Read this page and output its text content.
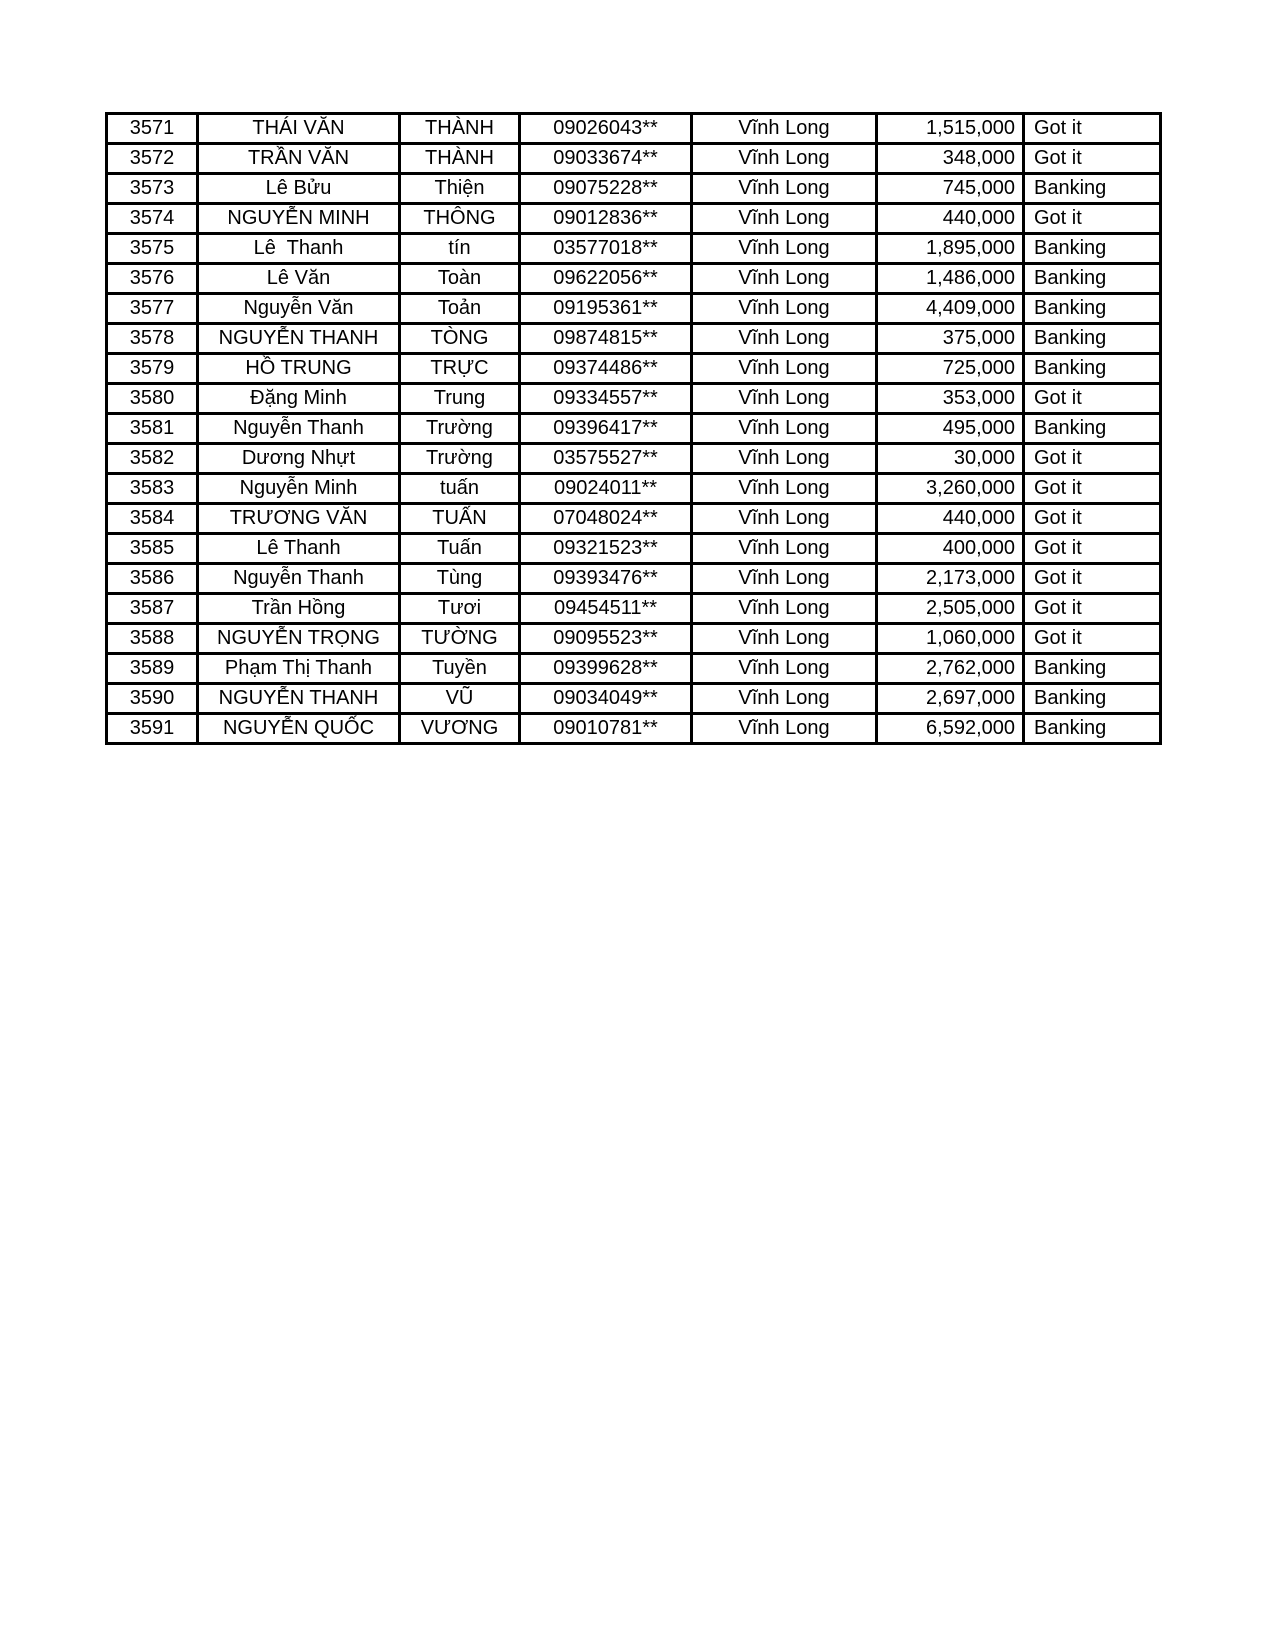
3571	THÁI VĂN	THÀNH	09026043**	Vĩnh Long	1,515,000	Got it
3572	TRẦN VĂN	THÀNH	09033674**	Vĩnh Long	348,000	Got it
3573	Lê Bửu	Thiện	09075228**	Vĩnh Long	745,000	Banking
3574	NGUYỄN MINH	THÔNG	09012836**	Vĩnh Long	440,000	Got it
3575	Lê  Thanh	tín	03577018**	Vĩnh Long	1,895,000	Banking
3576	Lê Văn	Toàn	09622056**	Vĩnh Long	1,486,000	Banking
3577	Nguyễn Văn	Toản	09195361**	Vĩnh Long	4,409,000	Banking
3578	NGUYỄN THANH	TÒNG	09874815**	Vĩnh Long	375,000	Banking
3579	HỒ TRUNG	TRỰC	09374486**	Vĩnh Long	725,000	Banking
3580	Đặng Minh	Trung	09334557**	Vĩnh Long	353,000	Got it
3581	Nguyễn Thanh	Trường	09396417**	Vĩnh Long	495,000	Banking
3582	Dương Nhựt	Trường	03575527**	Vĩnh Long	30,000	Got it
3583	Nguyễn Minh	tuấn	09024011**	Vĩnh Long	3,260,000	Got it
3584	TRƯƠNG VĂN	TUẤN	07048024**	Vĩnh Long	440,000	Got it
3585	Lê Thanh	Tuấn	09321523**	Vĩnh Long	400,000	Got it
3586	Nguyễn Thanh	Tùng	09393476**	Vĩnh Long	2,173,000	Got it
3587	Trần Hồng	Tươi	09454511**	Vĩnh Long	2,505,000	Got it
3588	NGUYỄN TRỌNG	TƯỜNG	09095523**	Vĩnh Long	1,060,000	Got it
3589	Phạm Thị Thanh	Tuyền	09399628**	Vĩnh Long	2,762,000	Banking
3590	NGUYỄN THANH	VŨ	09034049**	Vĩnh Long	2,697,000	Banking
3591	NGUYỄN QUỐC	VƯƠNG	09010781**	Vĩnh Long	6,592,000	Banking
